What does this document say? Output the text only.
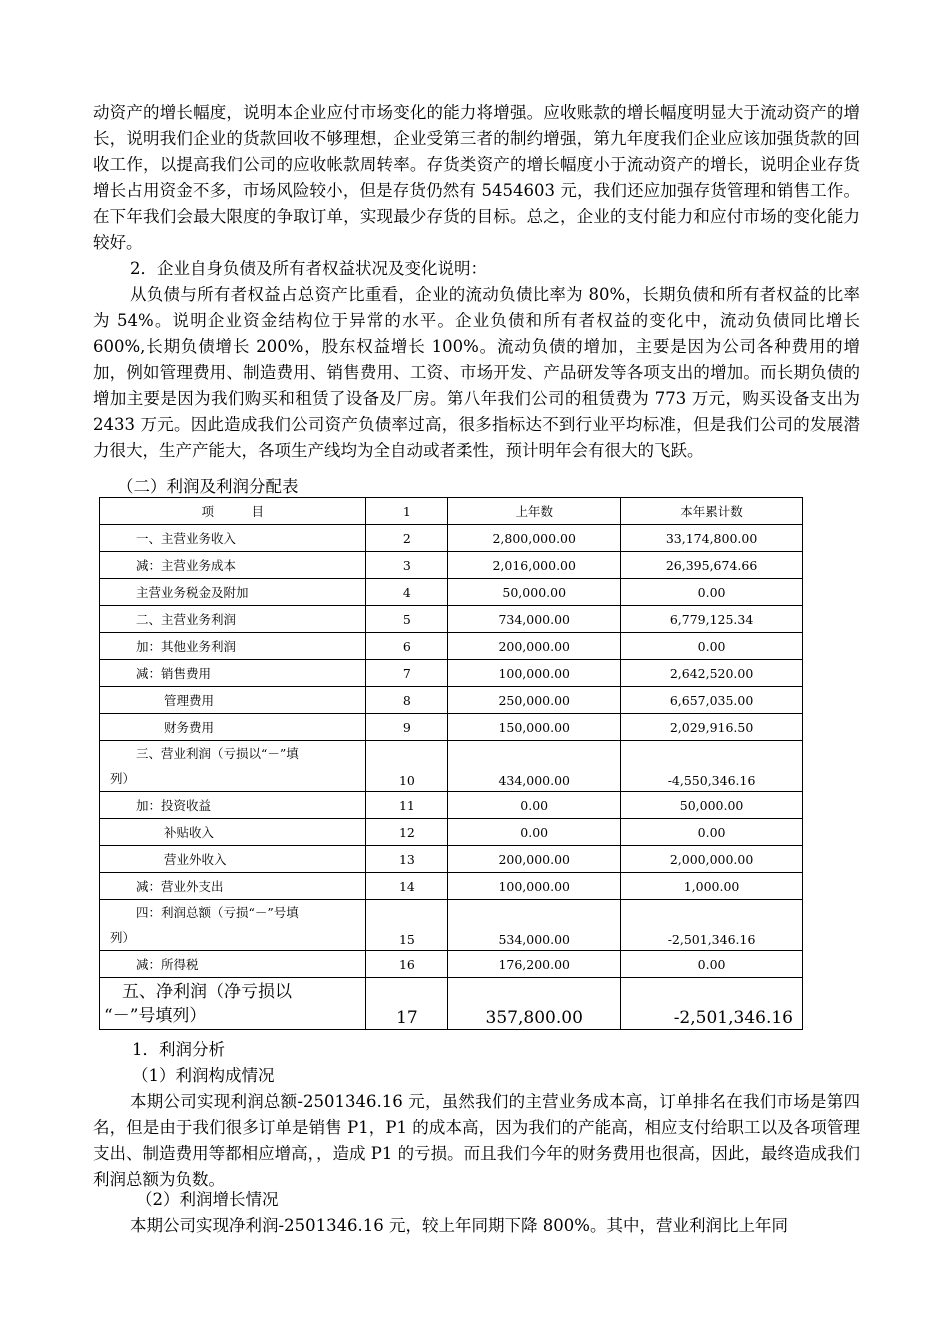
动资产的增长幅度，说明本企业应付市场变化的能力将增强。应收账款的增长幅度明显大于流动资产的增长，说明我们企业的货款回收不够理想，企业受第三者的制约增强，第九年度我们企业应该加强货款的回收工作，以提高我们公司的应收帐款周转率。存货类资产的增长幅度小于流动资产的增长，说明企业存货增长占用资金不多，市场风险较小，但是存货仍然有 5454603 元，我们还应加强存货管理和销售工作。在下年我们会最大限度的争取订单，实现最少存货的目标。总之，企业的支付能力和应付市场的变化能力较好。

2．企业自身负债及所有者权益状况及变化说明：

从负债与所有者权益占总资产比重看，企业的流动负债比率为 80%，长期负债和所有者权益的比率为 54%。说明企业资金结构位于异常的水平。企业负债和所有者权益的变化中，流动负债同比增长 600%,长期负债增长 200%，股东权益增长 100%。流动负债的增加，主要是因为公司各种费用的增加，例如管理费用、制造费用、销售费用、工资、市场开发、产品研发等各项支出的增加。而长期负债的增加主要是因为我们购买和租赁了设备及厂房。第八年我们公司的租赁费为 773 万元，购买设备支出为 2433 万元。因此造成我们公司资产负债率过高，很多指标达不到行业平均标准，但是我们公司的发展潜力很大，生产产能大，各项生产线均为全自动或者柔性，预计明年会有很大的飞跃。

（二）利润及利润分配表

项　　　目	1	上年数	本年累计数
一、主营业务收入	2	2,800,000.00	33,174,800.00
减：主营业务成本	3	2,016,000.00	26,395,674.66
主营业务税金及附加	4	50,000.00	0.00
二、主营业务利润	5	734,000.00	6,779,125.34
加：其他业务利润	6	200,000.00	0.00
减：销售费用	7	100,000.00	2,642,520.00
管理费用	8	250,000.00	6,657,035.00
财务费用	9	150,000.00	2,029,916.50

三、营业利润（亏损以“－”填
列）	10	434,000.00	-4,550,346.16
加：投资收益	11	0.00	50,000.00
补贴收入	12	0.00	0.00
营业外收入	13	200,000.00	2,000,000.00
减：营业外支出	14	100,000.00	1,000.00

四：利润总额（亏损“－”号填
列）	15	534,000.00	-2,501,346.16
减：所得税	16	176,200.00	0.00

五、净利润（净亏损以
“－”号填列）	17	357,800.00	-2,501,346.16

1．利润分析

（1）利润构成情况

本期公司实现利润总额-2501346.16 元，虽然我们的主营业务成本高，订单排名在我们市场是第四名，但是由于我们很多订单是销售 P1，P1 的成本高，因为我们的产能高，相应支付给职工以及各项管理支出、制造费用等都相应增高，，造成 P1 的亏损。而且我们今年的财务费用也很高，因此，最终造成我们利润总额为负数。

（2）利润增长情况

本期公司实现净利润-2501346.16 元，较上年同期下降 800%。其中，营业利润比上年同
